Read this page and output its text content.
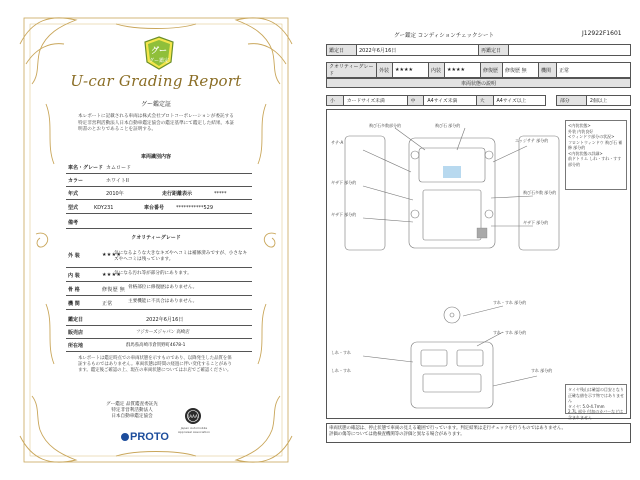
グー
グー鑑定
U-car Grading Report
グー鑑定証
本レポートに記載される車両は株式会社プロトコーポレーションが委託する特定非営利活動法人日本自動車鑑定協会の鑑定基準にて鑑定した結果、本証明書のとおりであることを証明する。
車両識別内容
車名・グレード カムロード
カラー	ホワイトII
年式	2010年	走行距離表示	*****
型式	KDY231	車台番号 ***********529
備考
クオリティーグレード
外 装	★★★★
気になるような大きなキズやヘコミは補修済みですが、小さなキズやヘコミは残っています。
内 装	★★★★
気になる汚れ等が部分的にあります。
骨 格	修復歴 無 骨格部位に修復歴はありません。
機 関	正常	主要機能に不具合はありません。
鑑定日	2022年6月16日
販売店	フジカーズジャパン 高崎店
所在地	群馬県高崎市倉賀野町4678-1
本レポートは鑑定時点での車両状態を示すものであり、以降発生した品質を保証するものではありません。車両状態は時間の経過に伴い変化することがあります。鑑定後ご確認の上、現在の車両状態についてはお店でご確認ください。
グー鑑定 品質鑑査委託先
特定非営利活動法人
日本自動車鑑定協会	JAAA
Japan Automobile Appraisal Association
PROTO
グー鑑定 コンディションチェックシート	J12922F1601
鑑定日	2022年6月16日	再鑑定日	
クオリティーグレード	外装	★★★★	内装	★★★★	修復歴	修復歴 無	機関	正常
車両状態の説明
小	カードサイズ未満	中	A4サイズ未満	大	A4サイズ以上	部分	2個以上
サテ-A
飛び石多数部分的	飛び石 部分的
エッジサテ 部分的
ギザ下 部分的
ギザ下 部分的
飛び石多数 部分的
ギザ下 部分的
すれ・すれ 部分的
すれ・すれ 部分的
しれ・すれ
しれ・すれ	すれ 部分的
<内装状態>
外装 内装良好
<ウィンドウ部分の状況>
フロントウィンドウ 飛び石 補修 部分的
<内装状態の詳細>
前ドトリム しれ・すれ・すす 部分的
タイヤ残山は確認の目安となり正確な値を示す物ではありません
タイヤ: 5.0-4.7mm
2.7L 部分 付加のカバーなどは含まれません
車両状態の確認は、停止状態で車両の見える範囲で行っています。判定結果は走行チェックを行うものではありません。
評価の傷等については他検査機関等の評価と異なる場合があります。
